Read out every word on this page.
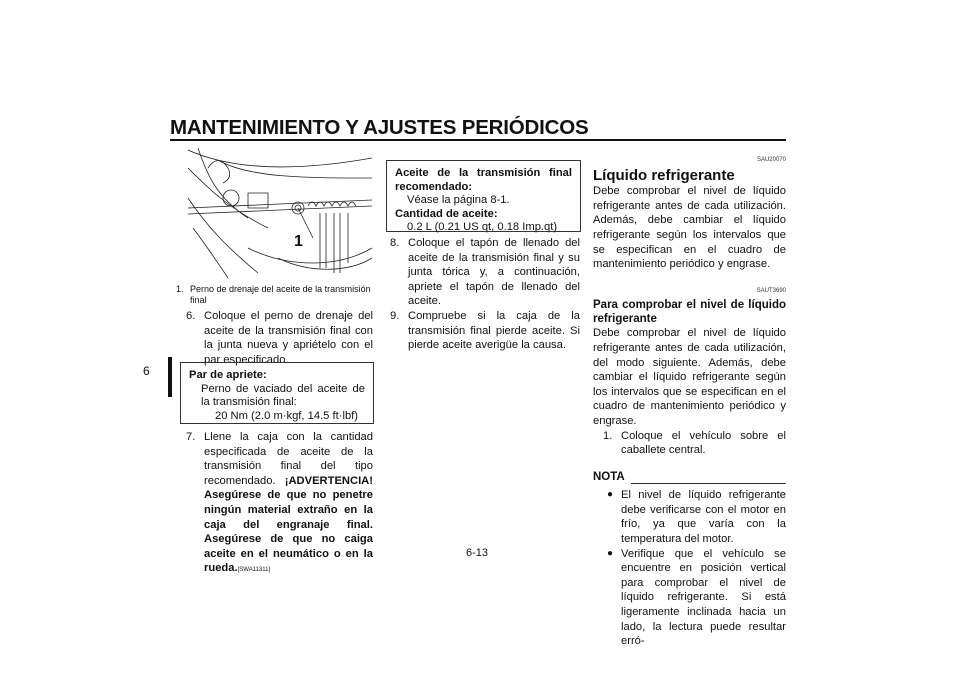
MANTENIMIENTO Y AJUSTES PERIÓDICOS
6
1
1. Perno de drenaje del aceite de la transmisión final
6. Coloque el perno de drenaje del aceite de la transmisión final con la junta nueva y apriételo con el par especificado.
Par de apriete:
Perno de vaciado del aceite de la transmisión final:
20 Nm (2.0 m·kgf, 14.5 ft·lbf)
7. Llene la caja con la cantidad especificada de aceite de la transmisión final del tipo recomendado. ¡ADVERTENCIA! Asegúrese de que no penetre ningún material extraño en la caja del engranaje final. Asegúrese de que no caiga aceite en el neumático o en la rueda.[SWA11311]
Aceite de la transmisión final recomendado:
Véase la página 8-1.
Cantidad de aceite:
0.2 L (0.21 US qt, 0.18 Imp.qt)
8. Coloque el tapón de llenado del aceite de la transmisión final y su junta tórica y, a continuación, apriete el tapón de llenado del aceite.
9. Compruebe si la caja de la transmisión final pierde aceite. Si pierde aceite averigüe la causa.
SAU20070
Líquido refrigerante
Debe comprobar el nivel de líquido refrigerante antes de cada utilización. Además, debe cambiar el líquido refrigerante según los intervalos que se especifican en el cuadro de mantenimiento periódico y engrase.
SAUT3690
Para comprobar el nivel de líquido refrigerante
Debe comprobar el nivel de líquido refrigerante antes de cada utilización, del modo siguiente. Además, debe cambiar el líquido refrigerante según los intervalos que se especifican en el cuadro de mantenimiento periódico y engrase.
1. Coloque el vehículo sobre el caballete central.
NOTA
● El nivel de líquido refrigerante debe verificarse con el motor en frío, ya que varía con la temperatura del motor.
● Verifique que el vehículo se encuentre en posición vertical para comprobar el nivel de líquido refrigerante. Si está ligeramente inclinada hacia un lado, la lectura puede resultar erró-
6-13
